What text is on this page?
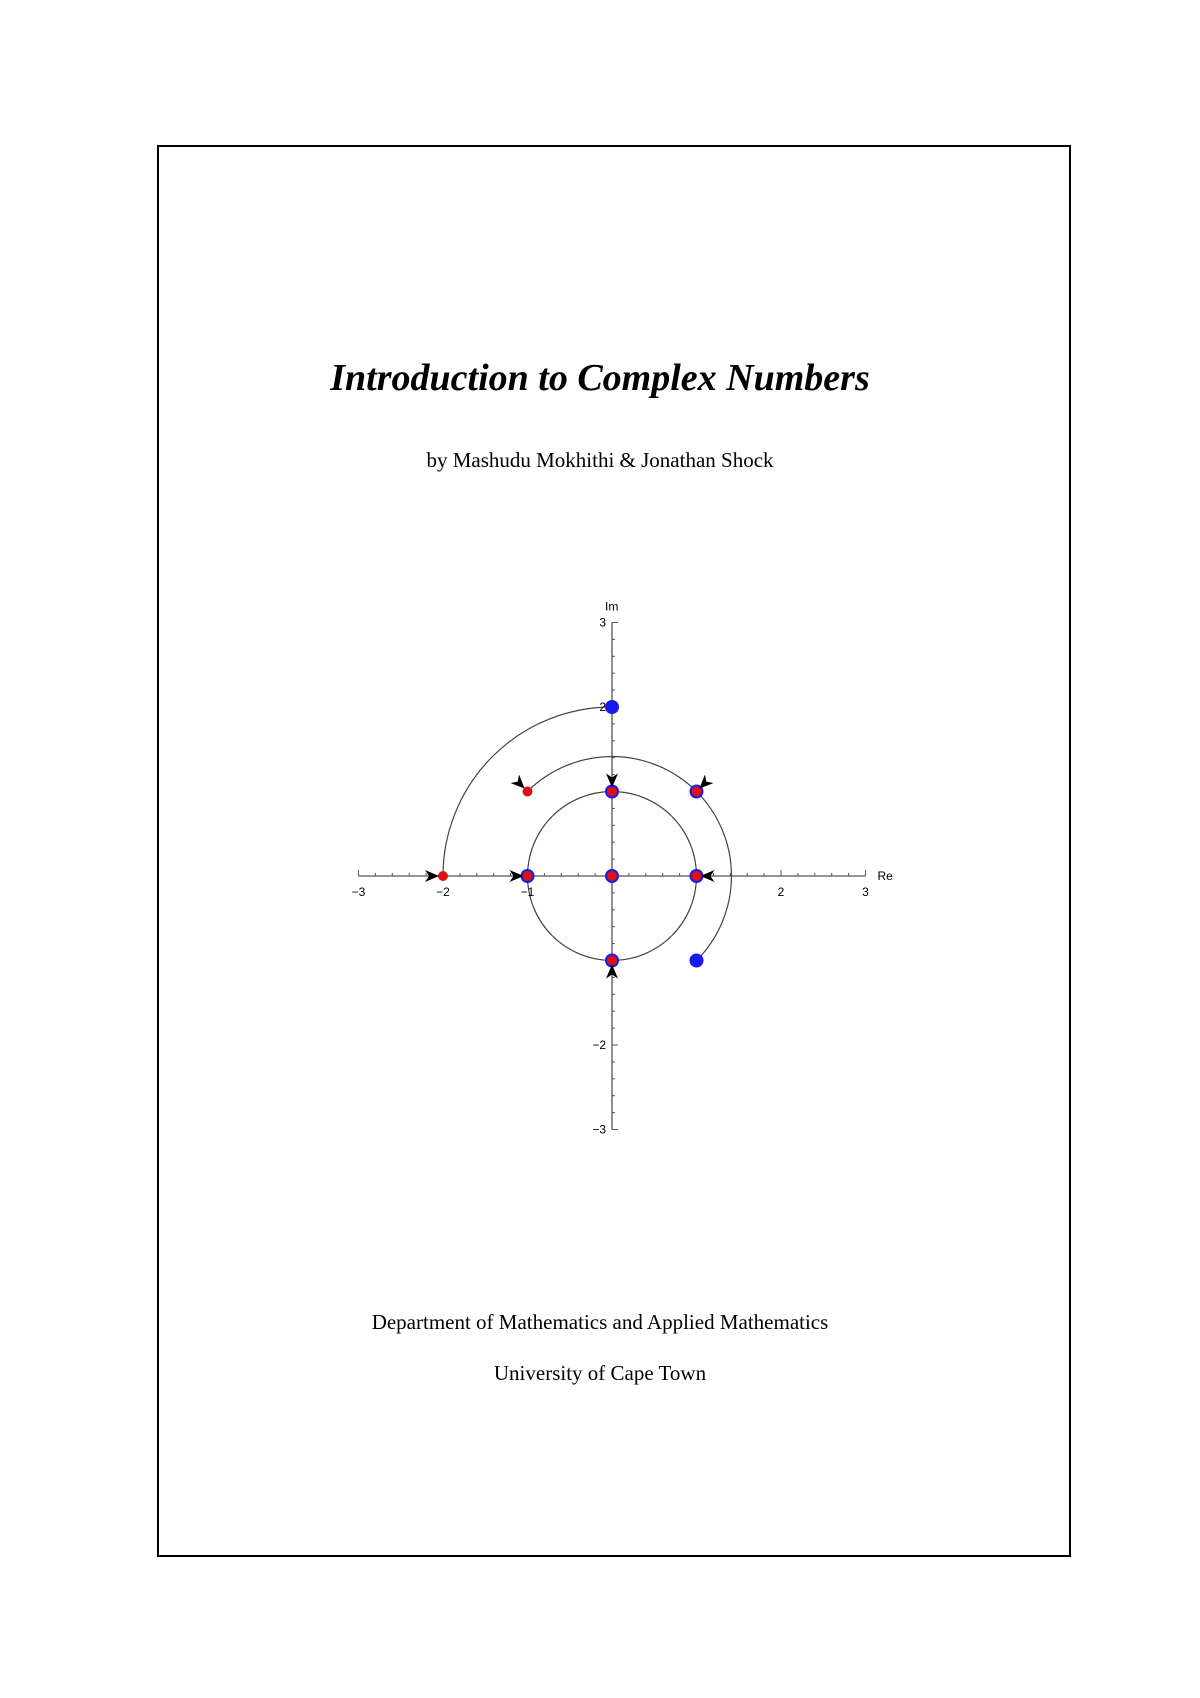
Introduction to Complex Numbers
by Mashudu Mokhithi & Jonathan Shock
Re
Im
−3	−2	−1	2	3
3
2
−2
−3
Department of Mathematics and Applied Mathematics
University of Cape Town
